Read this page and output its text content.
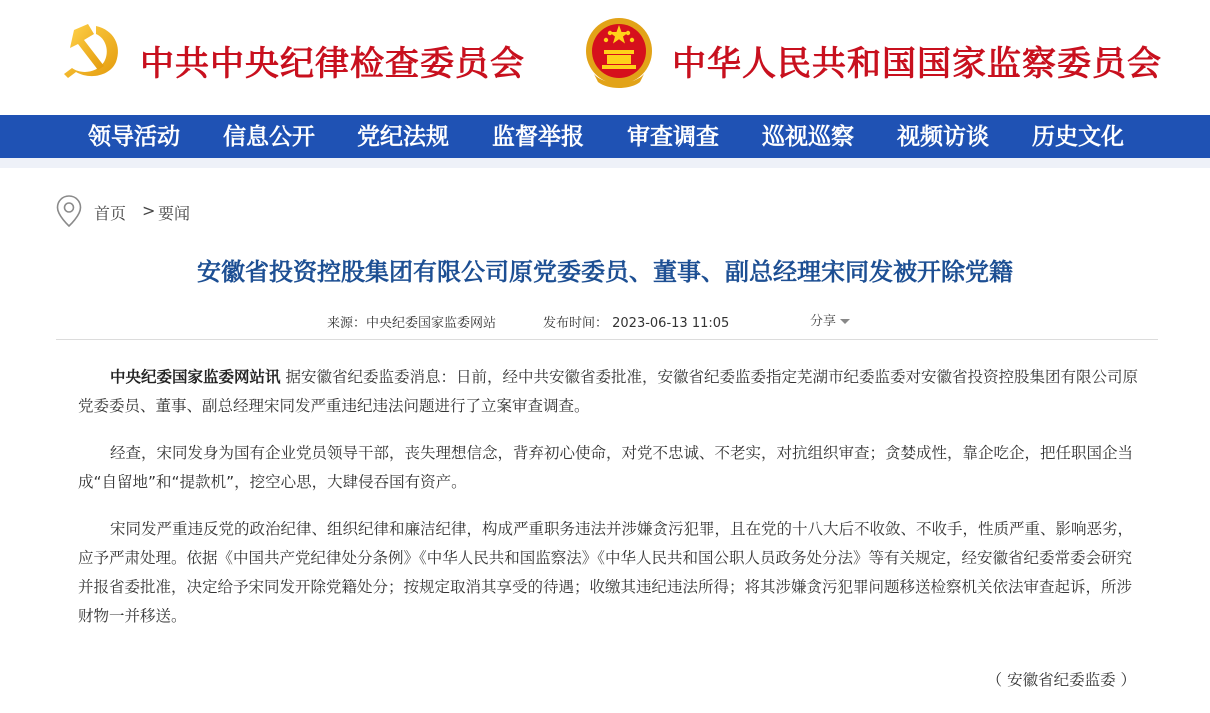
中共中央纪律检查委员会	中华人民共和国国家监察委员会
领导活动 信息公开 党纪法规 监督举报 审查调查 巡视巡察 视频访谈 历史文化
首页 > 要闻
安徽省投资控股集团有限公司原党委委员、董事、副总经理宋同发被开除党籍
来源：中央纪委国家监委网站	发布时间： 2023-06-13 11:05	分享

中央纪委国家监委网站讯 据安徽省纪委监委消息：日前，经中共安徽省委批准，安徽省纪委监委指定芜湖市纪委监委对安徽省投资控股集团有限公司原党委委员、董事、副总经理宋同发严重违纪违法问题进行了立案审查调查。

经查，宋同发身为国有企业党员领导干部，丧失理想信念，背弃初心使命，对党不忠诚、不老实，对抗组织审查；贪婪成性，靠企吃企，把任职国企当成“自留地”和“提款机”，挖空心思，大肆侵吞国有资产。

宋同发严重违反党的政治纪律、组织纪律和廉洁纪律，构成严重职务违法并涉嫌贪污犯罪，且在党的十八大后不收敛、不收手，性质严重、影响恶劣，应予严肃处理。依据《中国共产党纪律处分条例》《中华人民共和国监察法》《中华人民共和国公职人员政务处分法》等有关规定，经安徽省纪委常委会研究并报省委批准，决定给予宋同发开除党籍处分；按规定取消其享受的待遇；收缴其违纪违法所得；将其涉嫌贪污犯罪问题移送检察机关依法审查起诉，所涉财物一并移送。

（ 安徽省纪委监委 ）
